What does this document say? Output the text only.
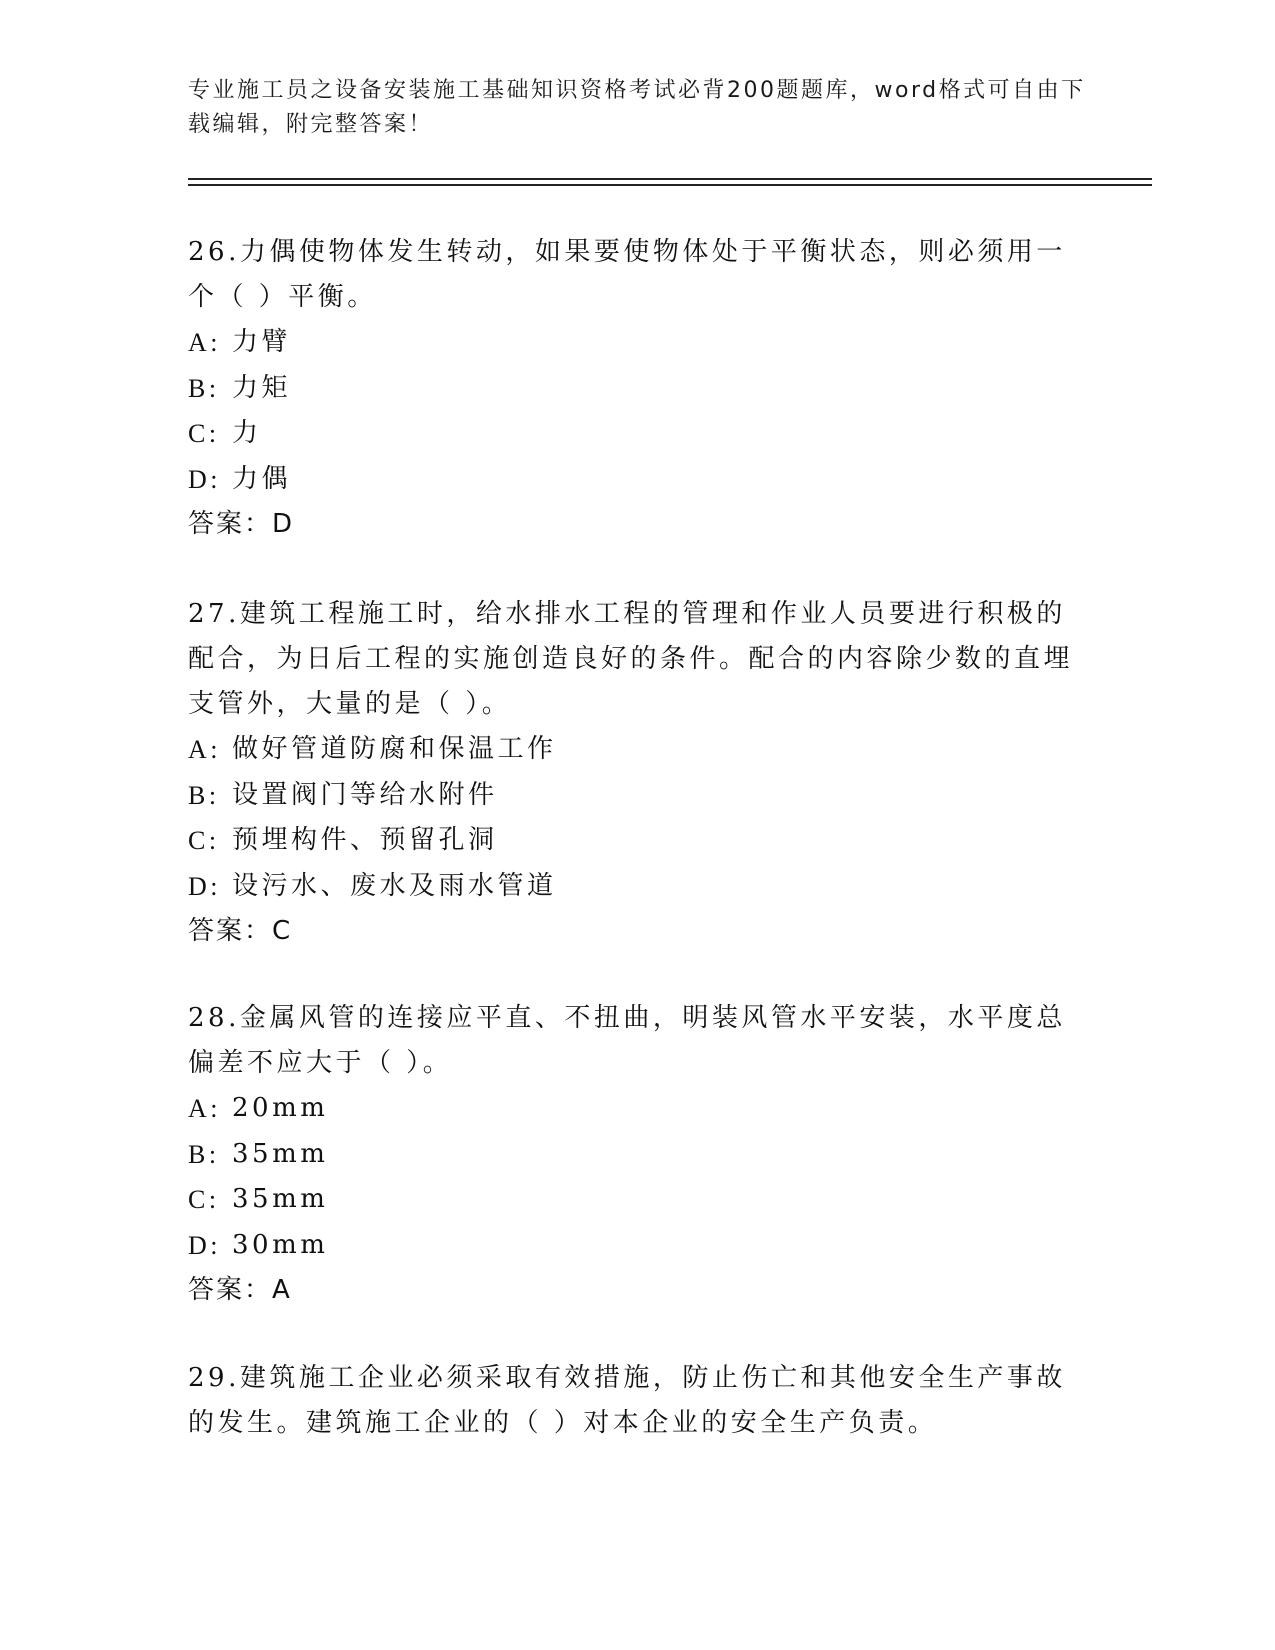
专业施工员之设备安装施工基础知识资格考试必背200题题库，word格式可自由下载编辑，附完整答案！

26.力偶使物体发生转动，如果要使物体处于平衡状态，则必须用一个（ ）平衡。

A: 力臂

B: 力矩

C: 力

D: 力偶

答案：D

27.建筑工程施工时，给水排水工程的管理和作业人员要进行积极的配合，为日后工程的实施创造良好的条件。配合的内容除少数的直埋支管外，大量的是（ ）。

A: 做好管道防腐和保温工作

B: 设置阀门等给水附件

C: 预埋构件、预留孔洞

D: 设污水、废水及雨水管道

答案：C

28.金属风管的连接应平直、不扭曲，明装风管水平安装，水平度总偏差不应大于（ ）。

A: 20mm

B: 35mm

C: 35mm

D: 30mm

答案：A

29.建筑施工企业必须采取有效措施，防止伤亡和其他安全生产事故的发生。建筑施工企业的（ ）对本企业的安全生产负责。
